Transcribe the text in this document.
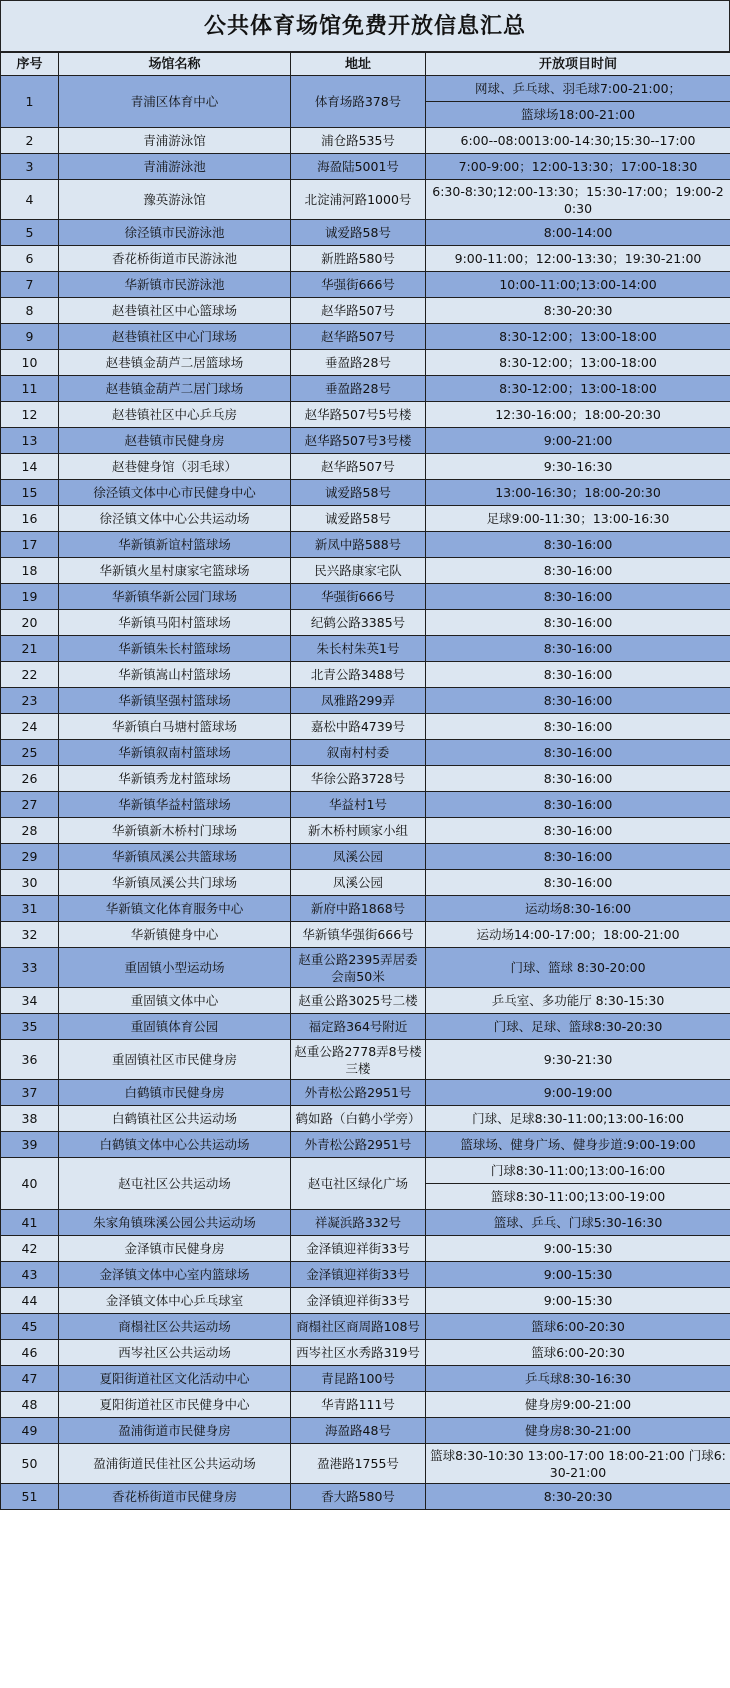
公共体育场馆免费开放信息汇总
序号	场馆名称	地址	开放项目时间
1	青浦区体育中心	体育场路378号	网球、乒乓球、羽毛球7:00-21:00；
			篮球场18:00-21:00
2	青浦游泳馆	浦仓路535号	6:00--08:0013:00-14:30;15:30--17:00
3	青浦游泳池	海盈陆5001号	7:00-9:00；12:00-13:30；17:00-18:30
4	豫英游泳馆	北淀浦河路1000号	6:30-8:30;12:00-13:30；15:30-17:00；19:00-20:30
5	徐泾镇市民游泳池	诚爱路58号	8:00-14:00
6	香花桥街道市民游泳池	新胜路580号	9:00-11:00；12:00-13:30；19:30-21:00
7	华新镇市民游泳池	华强街666号	10:00-11:00;13:00-14:00
8	赵巷镇社区中心篮球场	赵华路507号	8:30-20:30
9	赵巷镇社区中心门球场	赵华路507号	8:30-12:00；13:00-18:00
10	赵巷镇金葫芦二居篮球场	垂盈路28号	8:30-12:00；13:00-18:00
11	赵巷镇金葫芦二居门球场	垂盈路28号	8:30-12:00；13:00-18:00
12	赵巷镇社区中心乒乓房	赵华路507号5号楼	12:30-16:00；18:00-20:30
13	赵巷镇市民健身房	赵华路507号3号楼	9:00-21:00
14	赵巷健身馆（羽毛球）	赵华路507号	9:30-16:30
15	徐泾镇文体中心市民健身中心	诚爱路58号	13:00-16:30；18:00-20:30
16	徐泾镇文体中心公共运动场	诚爱路58号	足球9:00-11:30；13:00-16:30
17	华新镇新谊村篮球场	新凤中路588号	8:30-16:00
18	华新镇火星村康家宅篮球场	民兴路康家宅队	8:30-16:00
19	华新镇华新公园门球场	华强街666号	8:30-16:00
20	华新镇马阳村篮球场	纪鹤公路3385号	8:30-16:00
21	华新镇朱长村篮球场	朱长村朱英1号	8:30-16:00
22	华新镇嵩山村篮球场	北青公路3488号	8:30-16:00
23	华新镇坚强村篮球场	凤雅路299弄	8:30-16:00
24	华新镇白马塘村篮球场	嘉松中路4739号	8:30-16:00
25	华新镇叙南村篮球场	叙南村村委	8:30-16:00
26	华新镇秀龙村篮球场	华徐公路3728号	8:30-16:00
27	华新镇华益村篮球场	华益村1号	8:30-16:00
28	华新镇新木桥村门球场	新木桥村顾家小组	8:30-16:00
29	华新镇凤溪公共篮球场	凤溪公园	8:30-16:00
30	华新镇凤溪公共门球场	凤溪公园	8:30-16:00
31	华新镇文化体育服务中心	新府中路1868号	运动场8:30-16:00
32	华新镇健身中心	华新镇华强街666号	运动场14:00-17:00；18:00-21:00
33	重固镇小型运动场	赵重公路2395弄居委会南50米	门球、篮球 8:30-20:00
34	重固镇文体中心	赵重公路3025号二楼	乒乓室、多功能厅 8:30-15:30
35	重固镇体育公园	福定路364号附近	门球、足球、篮球8:30-20:30
36	重固镇社区市民健身房	赵重公路2778弄8号楼三楼	9:30-21:30
37	白鹤镇市民健身房	外青松公路2951号	9:00-19:00
38	白鹤镇社区公共运动场	鹤如路（白鹤小学旁）	门球、足球8:30-11:00;13:00-16:00
39	白鹤镇文体中心公共运动场	外青松公路2951号	篮球场、健身广场、健身步道:9:00-19:00
40	赵屯社区公共运动场	赵屯社区绿化广场	门球8:30-11:00;13:00-16:00
			篮球8:30-11:00;13:00-19:00
41	朱家角镇珠溪公园公共运动场	祥凝浜路332号	篮球、乒乓、门球5:30-16:30
42	金泽镇市民健身房	金泽镇迎祥街33号	9:00-15:30
43	金泽镇文体中心室内篮球场	金泽镇迎祥街33号	9:00-15:30
44	金泽镇文体中心乒乓球室	金泽镇迎祥街33号	9:00-15:30
45	商榻社区公共运动场	商榻社区商周路108号	篮球6:00-20:30
46	西岑社区公共运动场	西岑社区水秀路319号	篮球6:00-20:30
47	夏阳街道社区文化活动中心	青昆路100号	乒乓球8:30-16:30
48	夏阳街道社区市民健身中心	华青路111号	健身房9:00-21:00
49	盈浦街道市民健身房	海盈路48号	健身房8:30-21:00
50	盈浦街道民佳社区公共运动场	盈港路1755号	篮球8:30-10:30 13:00-17:00 18:00-21:00 门球6:30-21:00
51	香花桥街道市民健身房	香大路580号	8:30-20:30
